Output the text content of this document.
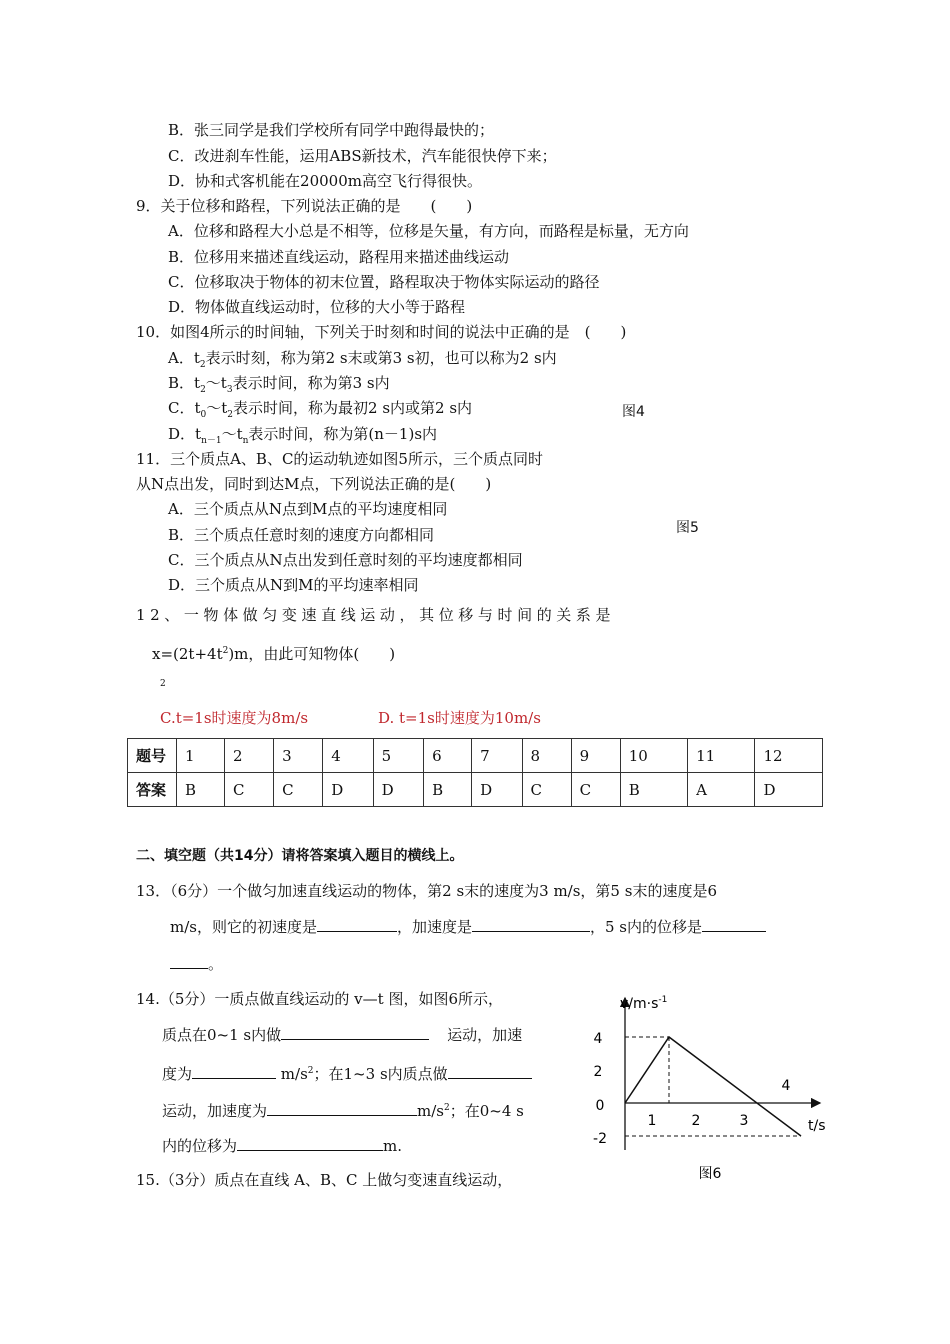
B．张三同学是我们学校所有同学中跑得最快的；
C．改进刹车性能，运用ABS新技术，汽车能很快停下来；
D．协和式客机能在20000m高空飞行得很快。
9．关于位移和路程，下列说法正确的是　　(　　)
A．位移和路程大小总是不相等，位移是矢量，有方向，而路程是标量，无方向
B．位移用来描述直线运动，路程用来描述曲线运动
C．位移取决于物体的初末位置，路程取决于物体实际运动的路径
D．物体做直线运动时，位移的大小等于路程
10．如图4所示的时间轴，下列关于时刻和时间的说法中正确的是　(　　)
A．$t_2$表示时刻，称为第2 s末或第3 s初，也可以称为2 s内
B．$t_2\sim t_3$表示时间，称为第3 s内
C．$t_0\sim t_2$表示时间，称为最初2 s内或第2 s内	图4
D．$t_{n-1}\sim t_n$表示时间，称为第(n－1)s内
11．三个质点A、B、C的运动轨迹如图5所示，三个质点同时
从N点出发，同时到达M点，下列说法正确的是(　　)
A．三个质点从N点到M点的平均速度相同
图5
B．三个质点任意时刻的速度方向都相同
C．三个质点从N点出发到任意时刻的平均速度都相同
D．三个质点从N到M的平均速率相同
12、一物体做匀变速直线运动，其位移与时间的关系是
$x=(2t+4t^2)m$，由此可知物体(　　)
2
C.t=1s时速度为8m/s	D. t=1s时速度为10m/s
题号	1	2	3	4	5	6	7	8	9	10	11	12
答案	B	C	C	D	D	B	D	C	C	B	A	D
二、填空题（共14分）请将答案填入题目的横线上。
13．（6分）一个做匀加速直线运动的物体，第2 s末的速度为3 m/s，第5 s末的速度是6
m/s，则它的初速度是	，加速度是	，5 s内的位移是
。
14.（5分）一质点做直线运动的 v—t 图，如图6所示，
质点在0~1 s内做	运动，加速
度为	$m/s^2$；在1~3 s内质点做
运动，加速度为	$m/s^2$；在0~4 s
内的位移为	m.
15.（3分）质点在直线 A、B、C 上做匀变速直线运动，
$v/m\cdot s^{-1}$
t/s
4
2
0
-2
1	2	3
4
图6
